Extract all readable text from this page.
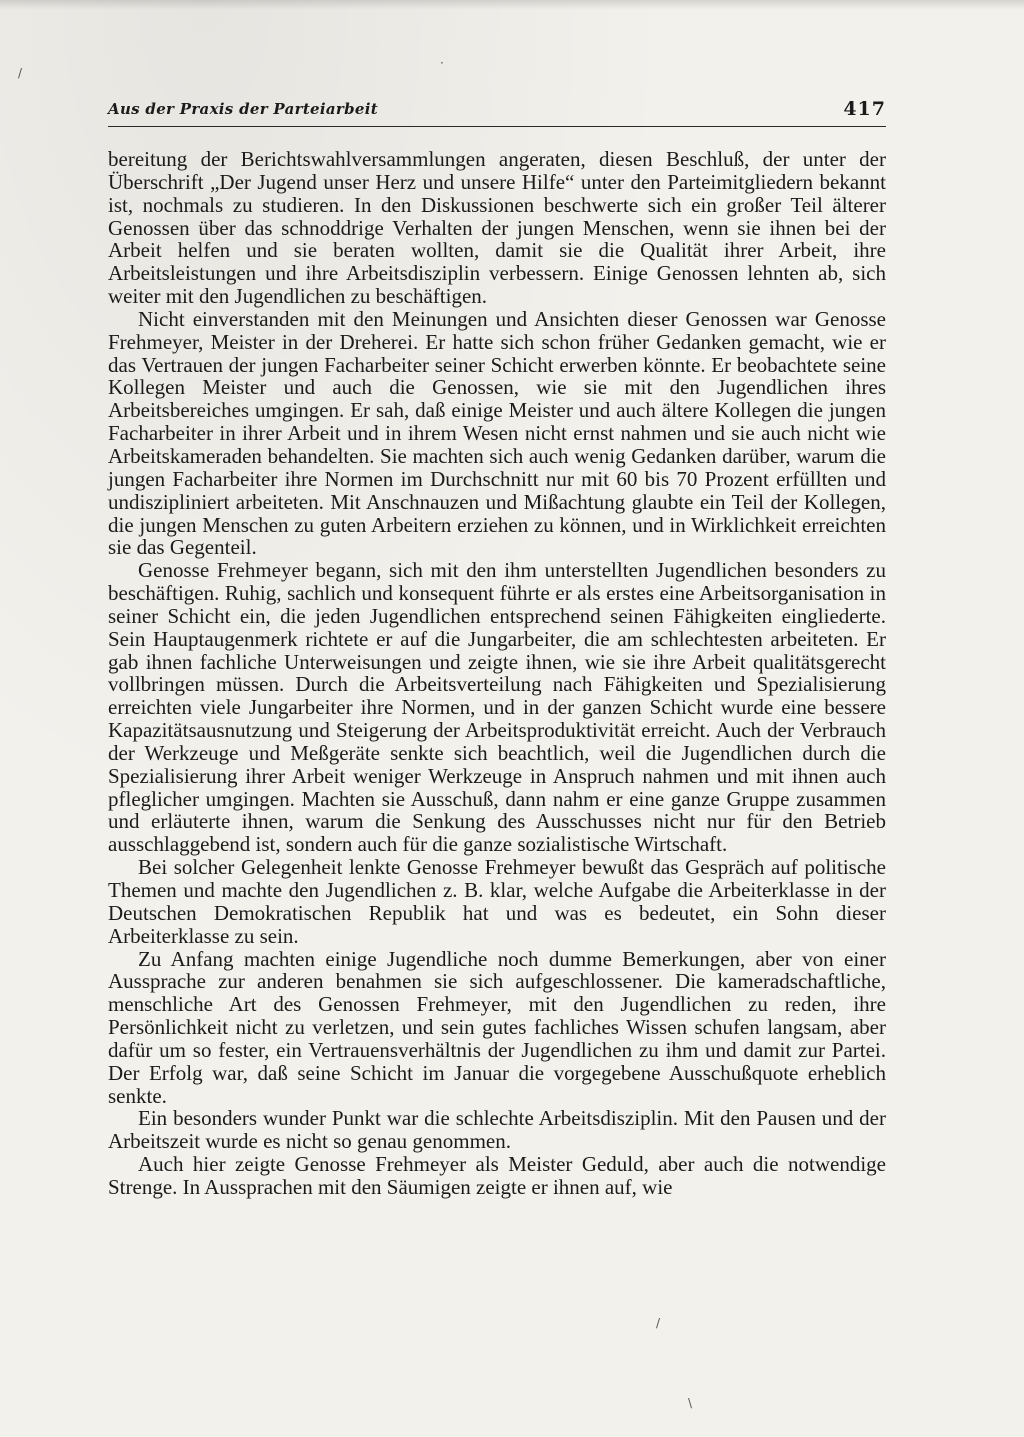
/
·
Aus der Praxis der Parteiarbeit	417

bereitung der Berichtswahlversammlungen angeraten, diesen Beschluß, der unter der Überschrift „Der Jugend unser Herz und unsere Hilfe“ unter den Parteimitgliedern bekannt ist, nochmals zu studieren. In den Diskussionen beschwerte sich ein großer Teil älterer Genossen über das schnoddrige Verhalten der jungen Menschen, wenn sie ihnen bei der Arbeit helfen und sie beraten wollten, damit sie die Qualität ihrer Arbeit, ihre Arbeitsleistungen und ihre Arbeitsdisziplin verbessern. Einige Genossen lehnten ab, sich weiter mit den Jugendlichen zu beschäftigen.

Nicht einverstanden mit den Meinungen und Ansichten dieser Genossen war Genosse Frehmeyer, Meister in der Dreherei. Er hatte sich schon früher Gedanken gemacht, wie er das Vertrauen der jungen Facharbeiter seiner Schicht erwerben könnte. Er beobachtete seine Kollegen Meister und auch die Genossen, wie sie mit den Jugendlichen ihres Arbeitsbereiches umgingen. Er sah, daß einige Meister und auch ältere Kollegen die jungen Facharbeiter in ihrer Arbeit und in ihrem Wesen nicht ernst nahmen und sie auch nicht wie Arbeitskameraden behandelten. Sie machten sich auch wenig Gedanken darüber, warum die jungen Facharbeiter ihre Normen im Durchschnitt nur mit 60 bis 70 Prozent erfüllten und undiszipliniert arbeiteten. Mit Anschnauzen und Mißachtung glaubte ein Teil der Kollegen, die jungen Menschen zu guten Arbeitern erziehen zu können, und in Wirklichkeit erreichten sie das Gegenteil.

Genosse Frehmeyer begann, sich mit den ihm unterstellten Jugendlichen besonders zu beschäftigen. Ruhig, sachlich und konsequent führte er als erstes eine Arbeitsorganisation in seiner Schicht ein, die jeden Jugendlichen entsprechend seinen Fähigkeiten eingliederte. Sein Hauptaugenmerk richtete er auf die Jungarbeiter, die am schlechtesten arbeiteten. Er gab ihnen fachliche Unterweisungen und zeigte ihnen, wie sie ihre Arbeit qualitätsgerecht vollbringen müssen. Durch die Arbeitsverteilung nach Fähigkeiten und Spezialisierung erreichten viele Jungarbeiter ihre Normen, und in der ganzen Schicht wurde eine bessere Kapazitätsausnutzung und Steigerung der Arbeitsproduktivität erreicht. Auch der Verbrauch der Werkzeuge und Meßgeräte senkte sich beachtlich, weil die Jugendlichen durch die Spezialisierung ihrer Arbeit weniger Werkzeuge in Anspruch nahmen und mit ihnen auch pfleglicher umgingen. Machten sie Ausschuß, dann nahm er eine ganze Gruppe zusammen und erläuterte ihnen, warum die Senkung des Ausschusses nicht nur für den Betrieb ausschlaggebend ist, sondern auch für die ganze sozialistische Wirtschaft.

Bei solcher Gelegenheit lenkte Genosse Frehmeyer bewußt das Gespräch auf politische Themen und machte den Jugendlichen z. B. klar, welche Aufgabe die Arbeiterklasse in der Deutschen Demokratischen Republik hat und was es bedeutet, ein Sohn dieser Arbeiterklasse zu sein.

Zu Anfang machten einige Jugendliche noch dumme Bemerkungen, aber von einer Aussprache zur anderen benahmen sie sich aufgeschlossener. Die kameradschaftliche, menschliche Art des Genossen Frehmeyer, mit den Jugendlichen zu reden, ihre Persönlichkeit nicht zu verletzen, und sein gutes fachliches Wissen schufen langsam, aber dafür um so fester, ein Vertrauensverhältnis der Jugendlichen zu ihm und damit zur Partei. Der Erfolg war, daß seine Schicht im Januar die vorgegebene Ausschußquote erheblich senkte.

Ein besonders wunder Punkt war die schlechte Arbeitsdisziplin. Mit den Pausen und der Arbeitszeit wurde es nicht so genau genommen.

Auch hier zeigte Genosse Frehmeyer als Meister Geduld, aber auch die notwendige Strenge. In Aussprachen mit den Säumigen zeigte er ihnen auf, wie

/
\
